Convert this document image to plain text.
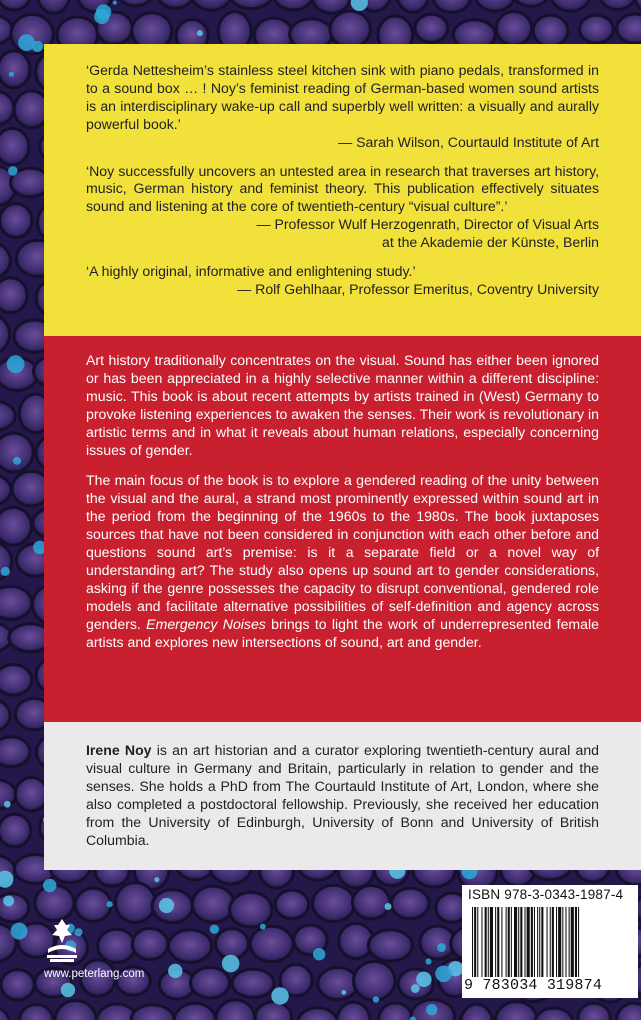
‘Gerda Nettesheim’s stainless steel kitchen sink with piano pedals, transformed in to a sound box … ! Noy’s feminist reading of German-based women sound artists is an interdisciplinary wake-up call and superbly well written: a visually and aurally powerful book.’

— Sarah Wilson, Courtauld Institute of Art

‘Noy successfully uncovers an untested area in research that traverses art history, music, German history and feminist theory. This publication effectively situates sound and listening at the core of twentieth-century “visual culture”.’

— Professor Wulf Herzogenrath, Director of Visual Arts

at the Akademie der Künste, Berlin

‘A highly original, informative and enlightening study.’

— Rolf Gehlhaar, Professor Emeritus, Coventry University

Art history traditionally concentrates on the visual. Sound has either been ignored or has been appreciated in a highly selective manner within a different discipline: music. This book is about recent attempts by artists trained in (West) Germany to provoke listening experiences to awaken the senses. Their work is revolutionary in artistic terms and in what it reveals about human relations, especially concerning issues of gender.

The main focus of the book is to explore a gendered reading of the unity between the visual and the aural, a strand most prominently expressed within sound art in the period from the beginning of the 1960s to the 1980s. The book juxtaposes sources that have not been considered in conjunction with each other before and questions sound art’s premise: is it a separate field or a novel way of understanding art? The study also opens up sound art to gender considerations, asking if the genre possesses the capacity to disrupt conventional, gendered role models and facilitate alternative possibilities of self-definition and agency across genders. Emergency Noises brings to light the work of underrepresented female artists and explores new intersections of sound, art and gender.

Irene Noy is an art historian and a curator exploring twentieth-century aural and visual culture in Germany and Britain, particularly in relation to gender and the senses. She holds a PhD from The Courtauld Institute of Art, London, where she also completed a postdoctoral fellowship. Previously, she received her education from the University of Edinburgh, University of Bonn and University of British Columbia.

www.peterlang.com
ISBN 978-3-0343-1987-4
9 783034 319874
